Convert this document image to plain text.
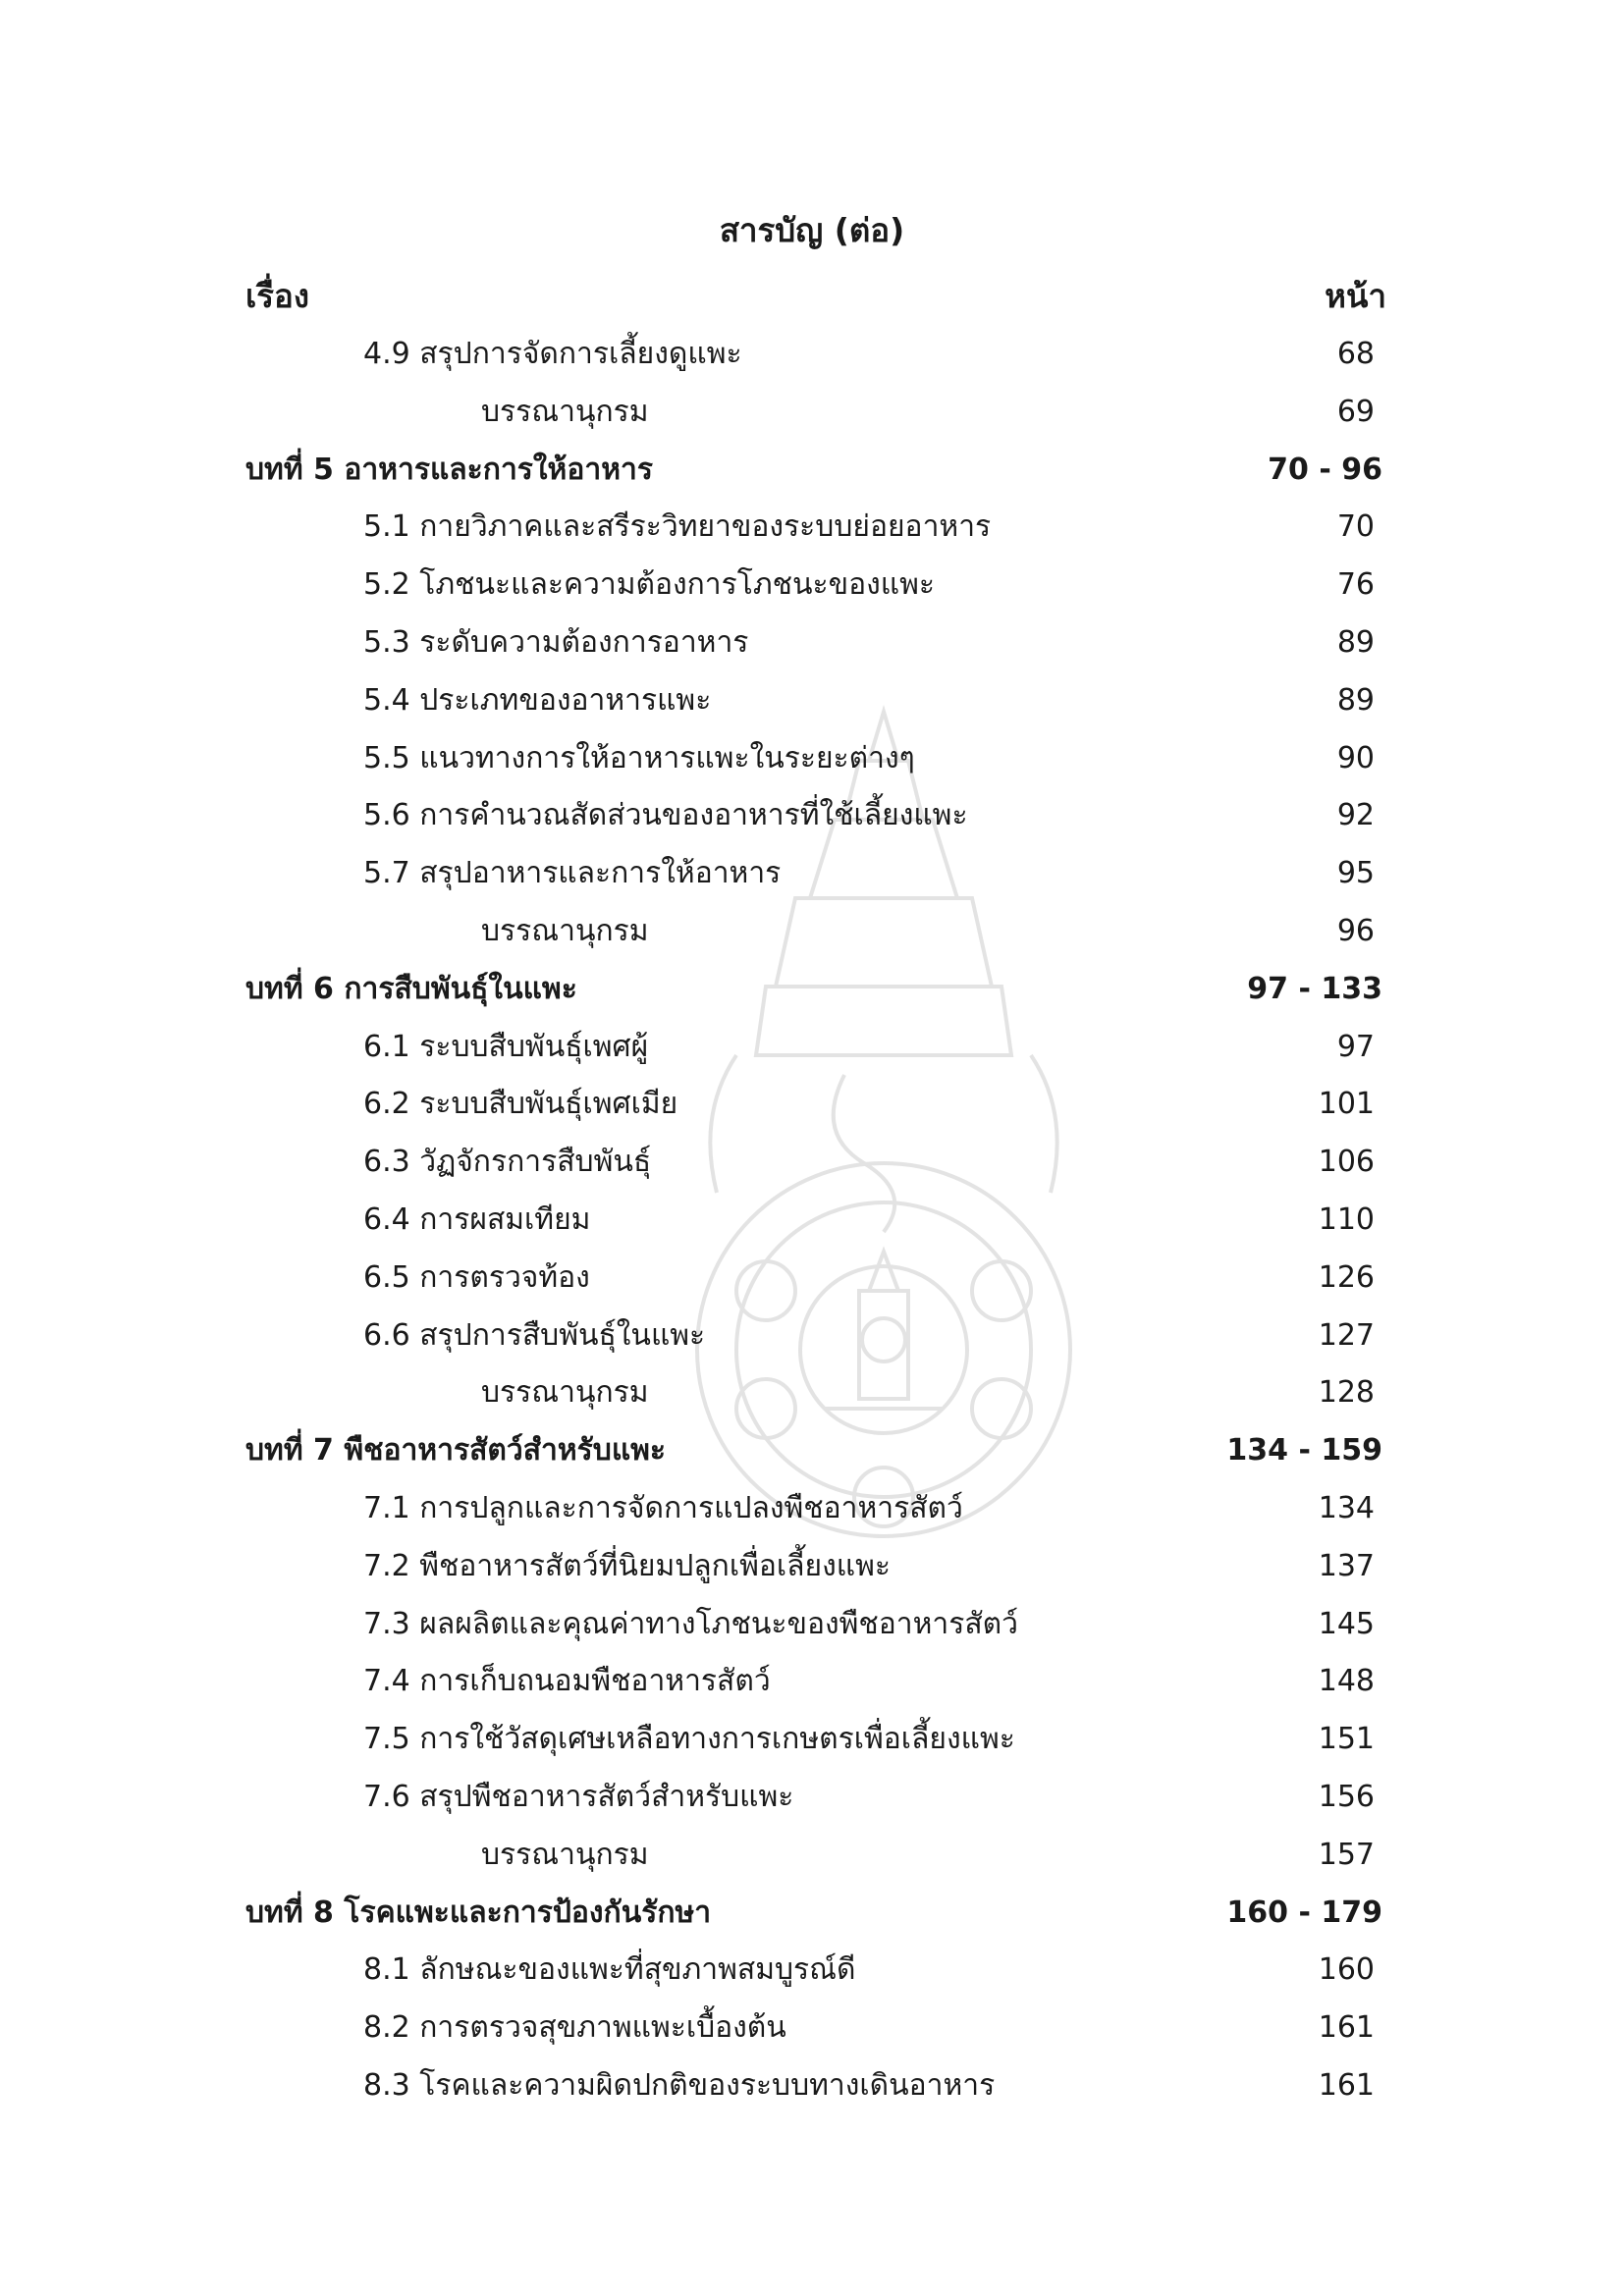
สารบัญ (ต่อ)
เรื่อง	หน้า
4.9 สรุปการจัดการเลี้ยงดูแพะ	68
บรรณานุกรม	69
บทที่ 5 อาหารและการให้อาหาร	70 - 96
5.1 กายวิภาคและสรีระวิทยาของระบบย่อยอาหาร	70
5.2 โภชนะและความต้องการโภชนะของแพะ	76
5.3 ระดับความต้องการอาหาร	89
5.4 ประเภทของอาหารแพะ	89
5.5 แนวทางการให้อาหารแพะในระยะต่างๆ	90
5.6 การคำนวณสัดส่วนของอาหารที่ใช้เลี้ยงแพะ	92
5.7 สรุปอาหารและการให้อาหาร	95
บรรณานุกรม	96
บทที่ 6 การสืบพันธุ์ในแพะ	97 - 133
6.1 ระบบสืบพันธุ์เพศผู้	97
6.2 ระบบสืบพันธุ์เพศเมีย	101
6.3 วัฏจักรการสืบพันธุ์	106
6.4 การผสมเทียม	110
6.5 การตรวจท้อง	126
6.6 สรุปการสืบพันธุ์ในแพะ	127
บรรณานุกรม	128
บทที่ 7 พืชอาหารสัตว์สำหรับแพะ	134 - 159
7.1 การปลูกและการจัดการแปลงพืชอาหารสัตว์	134
7.2 พืชอาหารสัตว์ที่นิยมปลูกเพื่อเลี้ยงแพะ	137
7.3 ผลผลิตและคุณค่าทางโภชนะของพืชอาหารสัตว์	145
7.4 การเก็บถนอมพืชอาหารสัตว์	148
7.5 การใช้วัสดุเศษเหลือทางการเกษตรเพื่อเลี้ยงแพะ	151
7.6 สรุปพืชอาหารสัตว์สำหรับแพะ	156
บรรณานุกรม	157
บทที่ 8 โรคแพะและการป้องกันรักษา	160 - 179
8.1 ลักษณะของแพะที่สุขภาพสมบูรณ์ดี	160
8.2 การตรวจสุขภาพแพะเบื้องต้น	161
8.3 โรคและความผิดปกติของระบบทางเดินอาหาร	161
